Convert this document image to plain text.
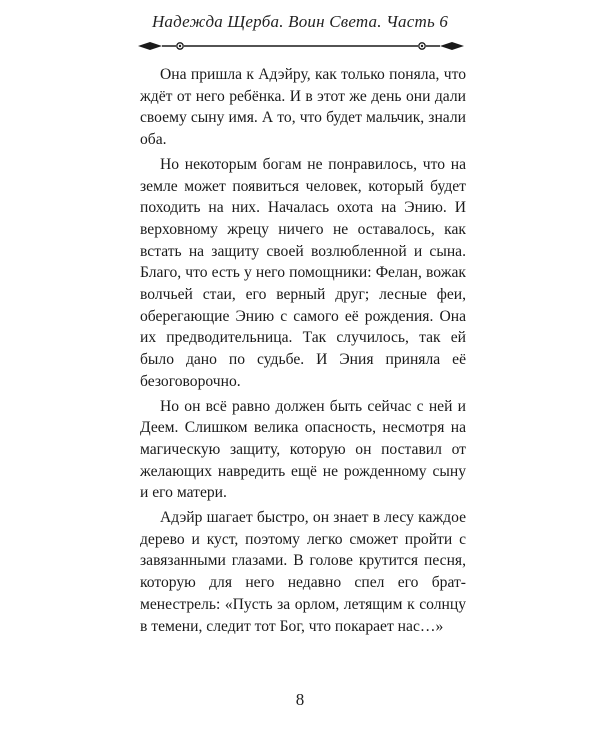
Надежда Щерба. Воин Света. Часть 6

Она пришла к Адэйру, как только поняла, что ждёт от него ребёнка. И в этот же день они дали своему сыну имя. А то, что будет мальчик, знали оба.

Но некоторым богам не понравилось, что на земле может появиться человек, который будет походить на них. Началась охота на Энию. И верховному жрецу ничего не оставалось, как встать на защиту своей возлюбленной и сына. Благо, что есть у него помощники: Фелан, вожак волчьей стаи, его верный друг; лесные феи, оберегающие Энию с самого её рождения. Она их предводительница. Так случилось, так ей было дано по судьбе. И Эния приняла её безоговорочно.

Но он всё равно должен быть сейчас с ней и Деем. Слишком велика опасность, несмотря на магическую защиту, которую он поставил от желающих навредить ещё не рожденному сыну и его матери.

Адэйр шагает быстро, он знает в лесу каждое дерево и куст, поэтому легко сможет пройти с завязанными глазами. В голове крутится песня, которую для него недавно спел его брат-менестрель: «Пусть за орлом, летящим к солнцу в темени, следит тот Бог, что покарает нас…»

8
